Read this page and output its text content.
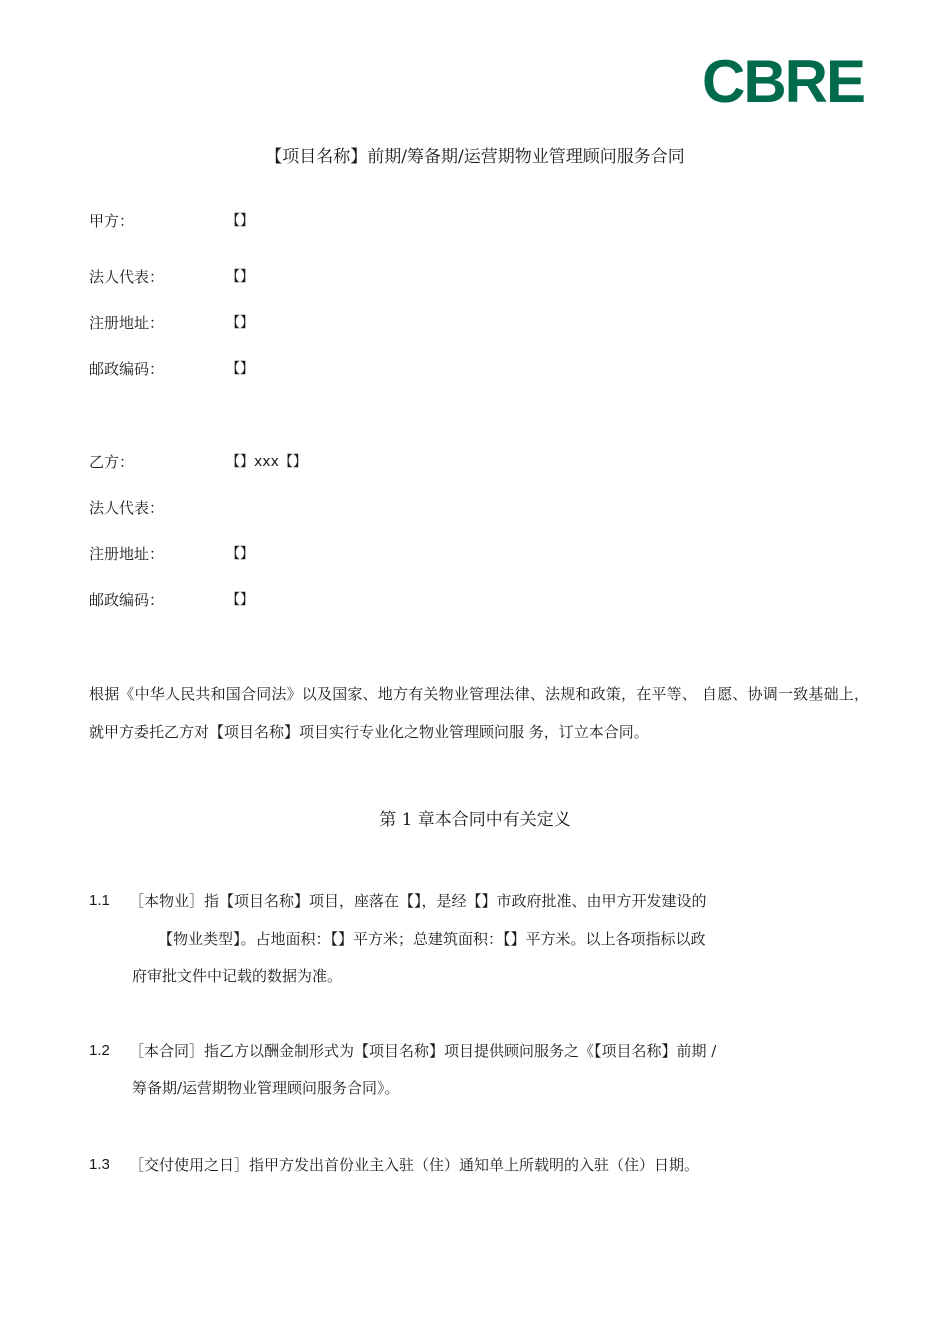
CBRE
【项目名称】前期/筹备期/运营期物业管理顾问服务合同
甲方：	【】
法人代表：	【】
注册地址：	【】
邮政编码：	【】
乙方：	【】xxx【】
法人代表：
注册地址：	【】
邮政编码：	【】
根据《中华人民共和国合同法》以及国家、地方有关物业管理法律、法规和政策，在平等、 自愿、协调一致基础上，就甲方委托乙方对【项目名称】项目实行专业化之物业管理顾问服 务，订立本合同。
第 1 章本合同中有关定义
1.1 ［本物业］指【项目名称】项目，座落在【】，是经【】市政府批准、由甲方开发建设的
【物业类型】。占地面积：【】平方米；总建筑面积：【】平方米。以上各项指标以政
府审批文件中记载的数据为准。
1.2 ［本合同］指乙方以酬金制形式为【项目名称】项目提供顾问服务之《【项目名称】前期 /
筹备期/运营期物业管理顾问服务合同》。
1.3 ［交付使用之日］指甲方发出首份业主入驻（住）通知单上所载明的入驻（住）日期。
